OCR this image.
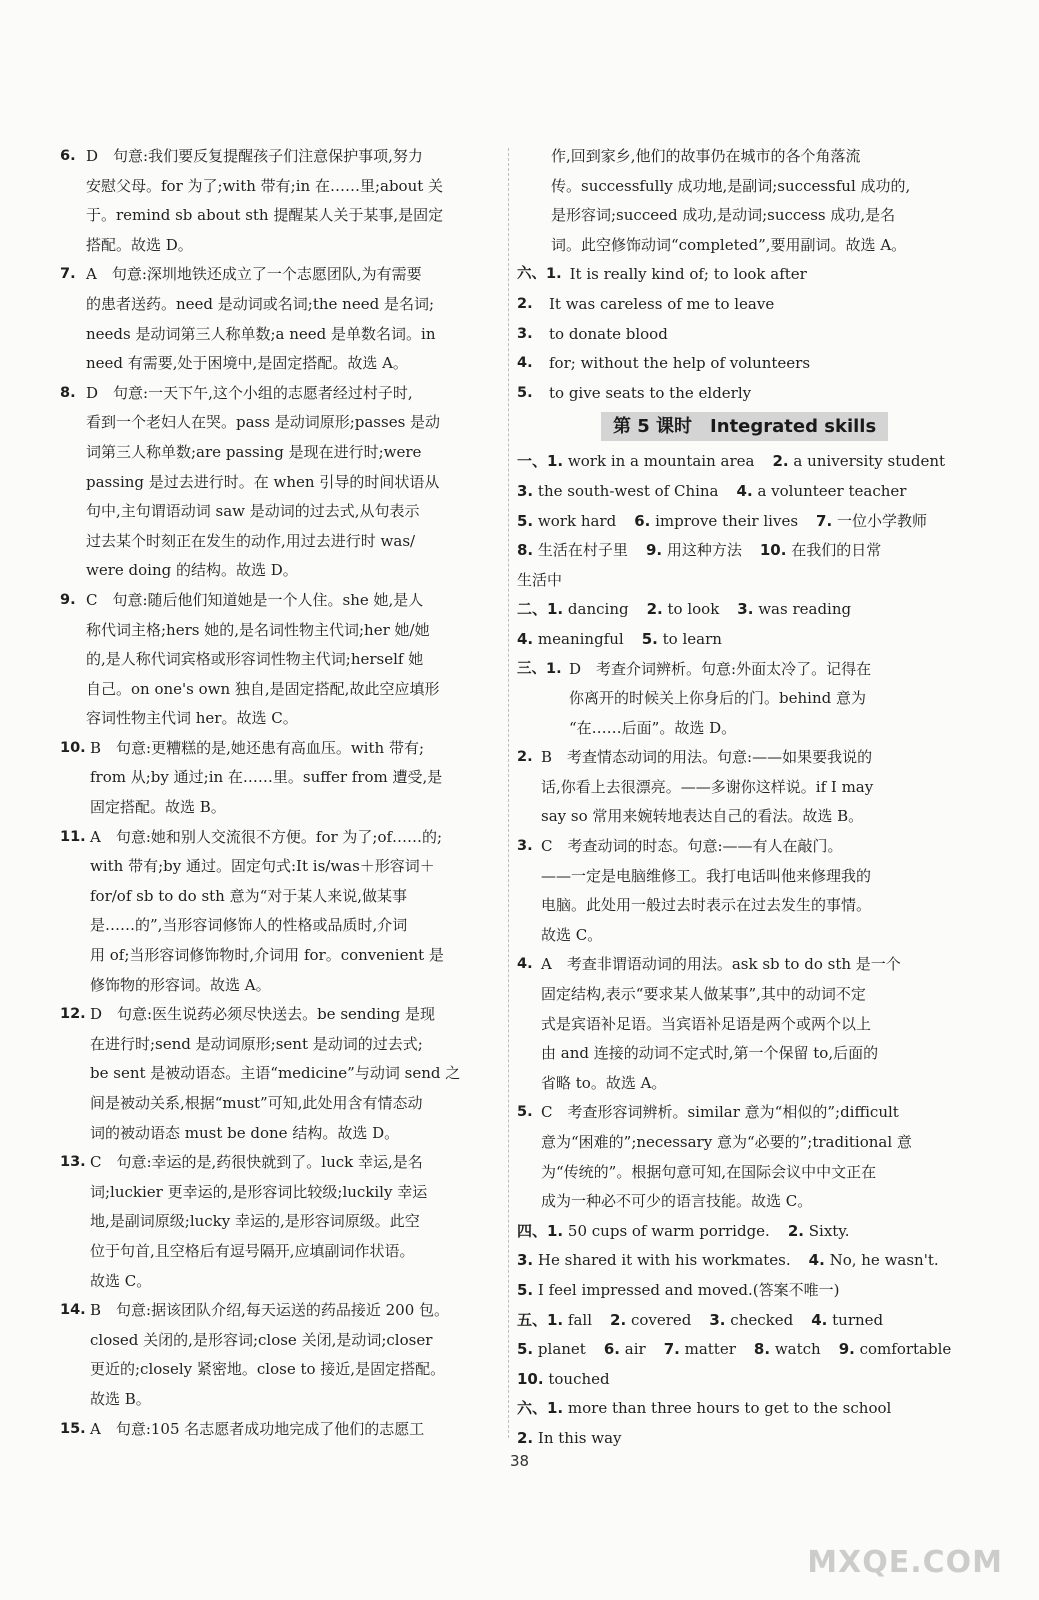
6. D　句意:我们要反复提醒孩子们注意保护事项,努力
安慰父母。for 为了;with 带有;in 在……里;about 关
于。remind sb about sth 提醒某人关于某事,是固定
搭配。故选 D。
7. A　句意:深圳地铁还成立了一个志愿团队,为有需要
的患者送药。need 是动词或名词;the need 是名词;
needs 是动词第三人称单数;a need 是单数名词。in
need 有需要,处于困境中,是固定搭配。故选 A。
8. D　句意:一天下午,这个小组的志愿者经过村子时,
看到一个老妇人在哭。pass 是动词原形;passes 是动
词第三人称单数;are passing 是现在进行时;were
passing 是过去进行时。在 when 引导的时间状语从
句中,主句谓语动词 saw 是动词的过去式,从句表示
过去某个时刻正在发生的动作,用过去进行时 was/
were doing 的结构。故选 D。
9. C　句意:随后他们知道她是一个人住。she 她,是人
称代词主格;hers 她的,是名词性物主代词;her 她/她
的,是人称代词宾格或形容词性物主代词;herself 她
自己。on one's own 独自,是固定搭配,故此空应填形
容词性物主代词 her。故选 C。
10. B　句意:更糟糕的是,她还患有高血压。with 带有;
from 从;by 通过;in 在……里。suffer from 遭受,是
固定搭配。故选 B。
11. A　句意:她和别人交流很不方便。for 为了;of……的;
with 带有;by 通过。固定句式:It is/was＋形容词＋
for/of sb to do sth 意为“对于某人来说,做某事
是……的”,当形容词修饰人的性格或品质时,介词
用 of;当形容词修饰物时,介词用 for。convenient 是
修饰物的形容词。故选 A。
12. D　句意:医生说药必须尽快送去。be sending 是现
在进行时;send 是动词原形;sent 是动词的过去式;
be sent 是被动语态。主语“medicine”与动词 send 之
间是被动关系,根据“must”可知,此处用含有情态动
词的被动语态 must be done 结构。故选 D。
13. C　句意:幸运的是,药很快就到了。luck 幸运,是名
词;luckier 更幸运的,是形容词比较级;luckily 幸运
地,是副词原级;lucky 幸运的,是形容词原级。此空
位于句首,且空格后有逗号隔开,应填副词作状语。
故选 C。
14. B　句意:据该团队介绍,每天运送的药品接近 200 包。
closed 关闭的,是形容词;close 关闭,是动词;closer
更近的;closely 紧密地。close to 接近,是固定搭配。
故选 B。
15. A　句意:105 名志愿者成功地完成了他们的志愿工
作,回到家乡,他们的故事仍在城市的各个角落流
传。successfully 成功地,是副词;successful 成功的,
是形容词;succeed 成功,是动词;success 成功,是名
词。此空修饰动词“completed”,要用副词。故选 A。
六、1. It is really kind of; to look after
2.	It was careless of me to leave
3.	to donate blood
4.	for; without the help of volunteers
5.	to give seats to the elderly
第 5 课时　Integrated skills
一、1. work in a mountain area 2. a university student
3. the south-west of China 4. a volunteer teacher
5. work hard 6. improve their lives 7. 一位小学教师
8. 生活在村子里 9. 用这种方法 10. 在我们的日常
生活中
二、1. dancing 2. to look 3. was reading
4. meaningful 5. to learn
三、1. D　考查介词辨析。句意:外面太冷了。记得在
你离开的时候关上你身后的门。behind 意为
“在……后面”。故选 D。
2. B　考查情态动词的用法。句意:——如果要我说的
话,你看上去很漂亮。——多谢你这样说。if I may
say so 常用来婉转地表达自己的看法。故选 B。
3. C　考查动词的时态。句意:——有人在敲门。
——一定是电脑维修工。我打电话叫他来修理我的
电脑。此处用一般过去时表示在过去发生的事情。
故选 C。
4. A　考查非谓语动词的用法。ask sb to do sth 是一个
固定结构,表示“要求某人做某事”,其中的动词不定
式是宾语补足语。当宾语补足语是两个或两个以上
由 and 连接的动词不定式时,第一个保留 to,后面的
省略 to。故选 A。
5. C　考查形容词辨析。similar 意为“相似的”;difficult
意为“困难的”;necessary 意为“必要的”;traditional 意
为“传统的”。根据句意可知,在国际会议中中文正在
成为一种必不可少的语言技能。故选 C。
四、1. 50 cups of warm porridge. 2. Sixty.
3. He shared it with his workmates. 4. No, he wasn't.
5. I feel impressed and moved.(答案不唯一)
五、1. fall 2. covered 3. checked 4. turned
5. planet 6. air 7. matter 8. watch 9. comfortable
10. touched
六、1. more than three hours to get to the school
2. In this way
38
MXQE.COM
